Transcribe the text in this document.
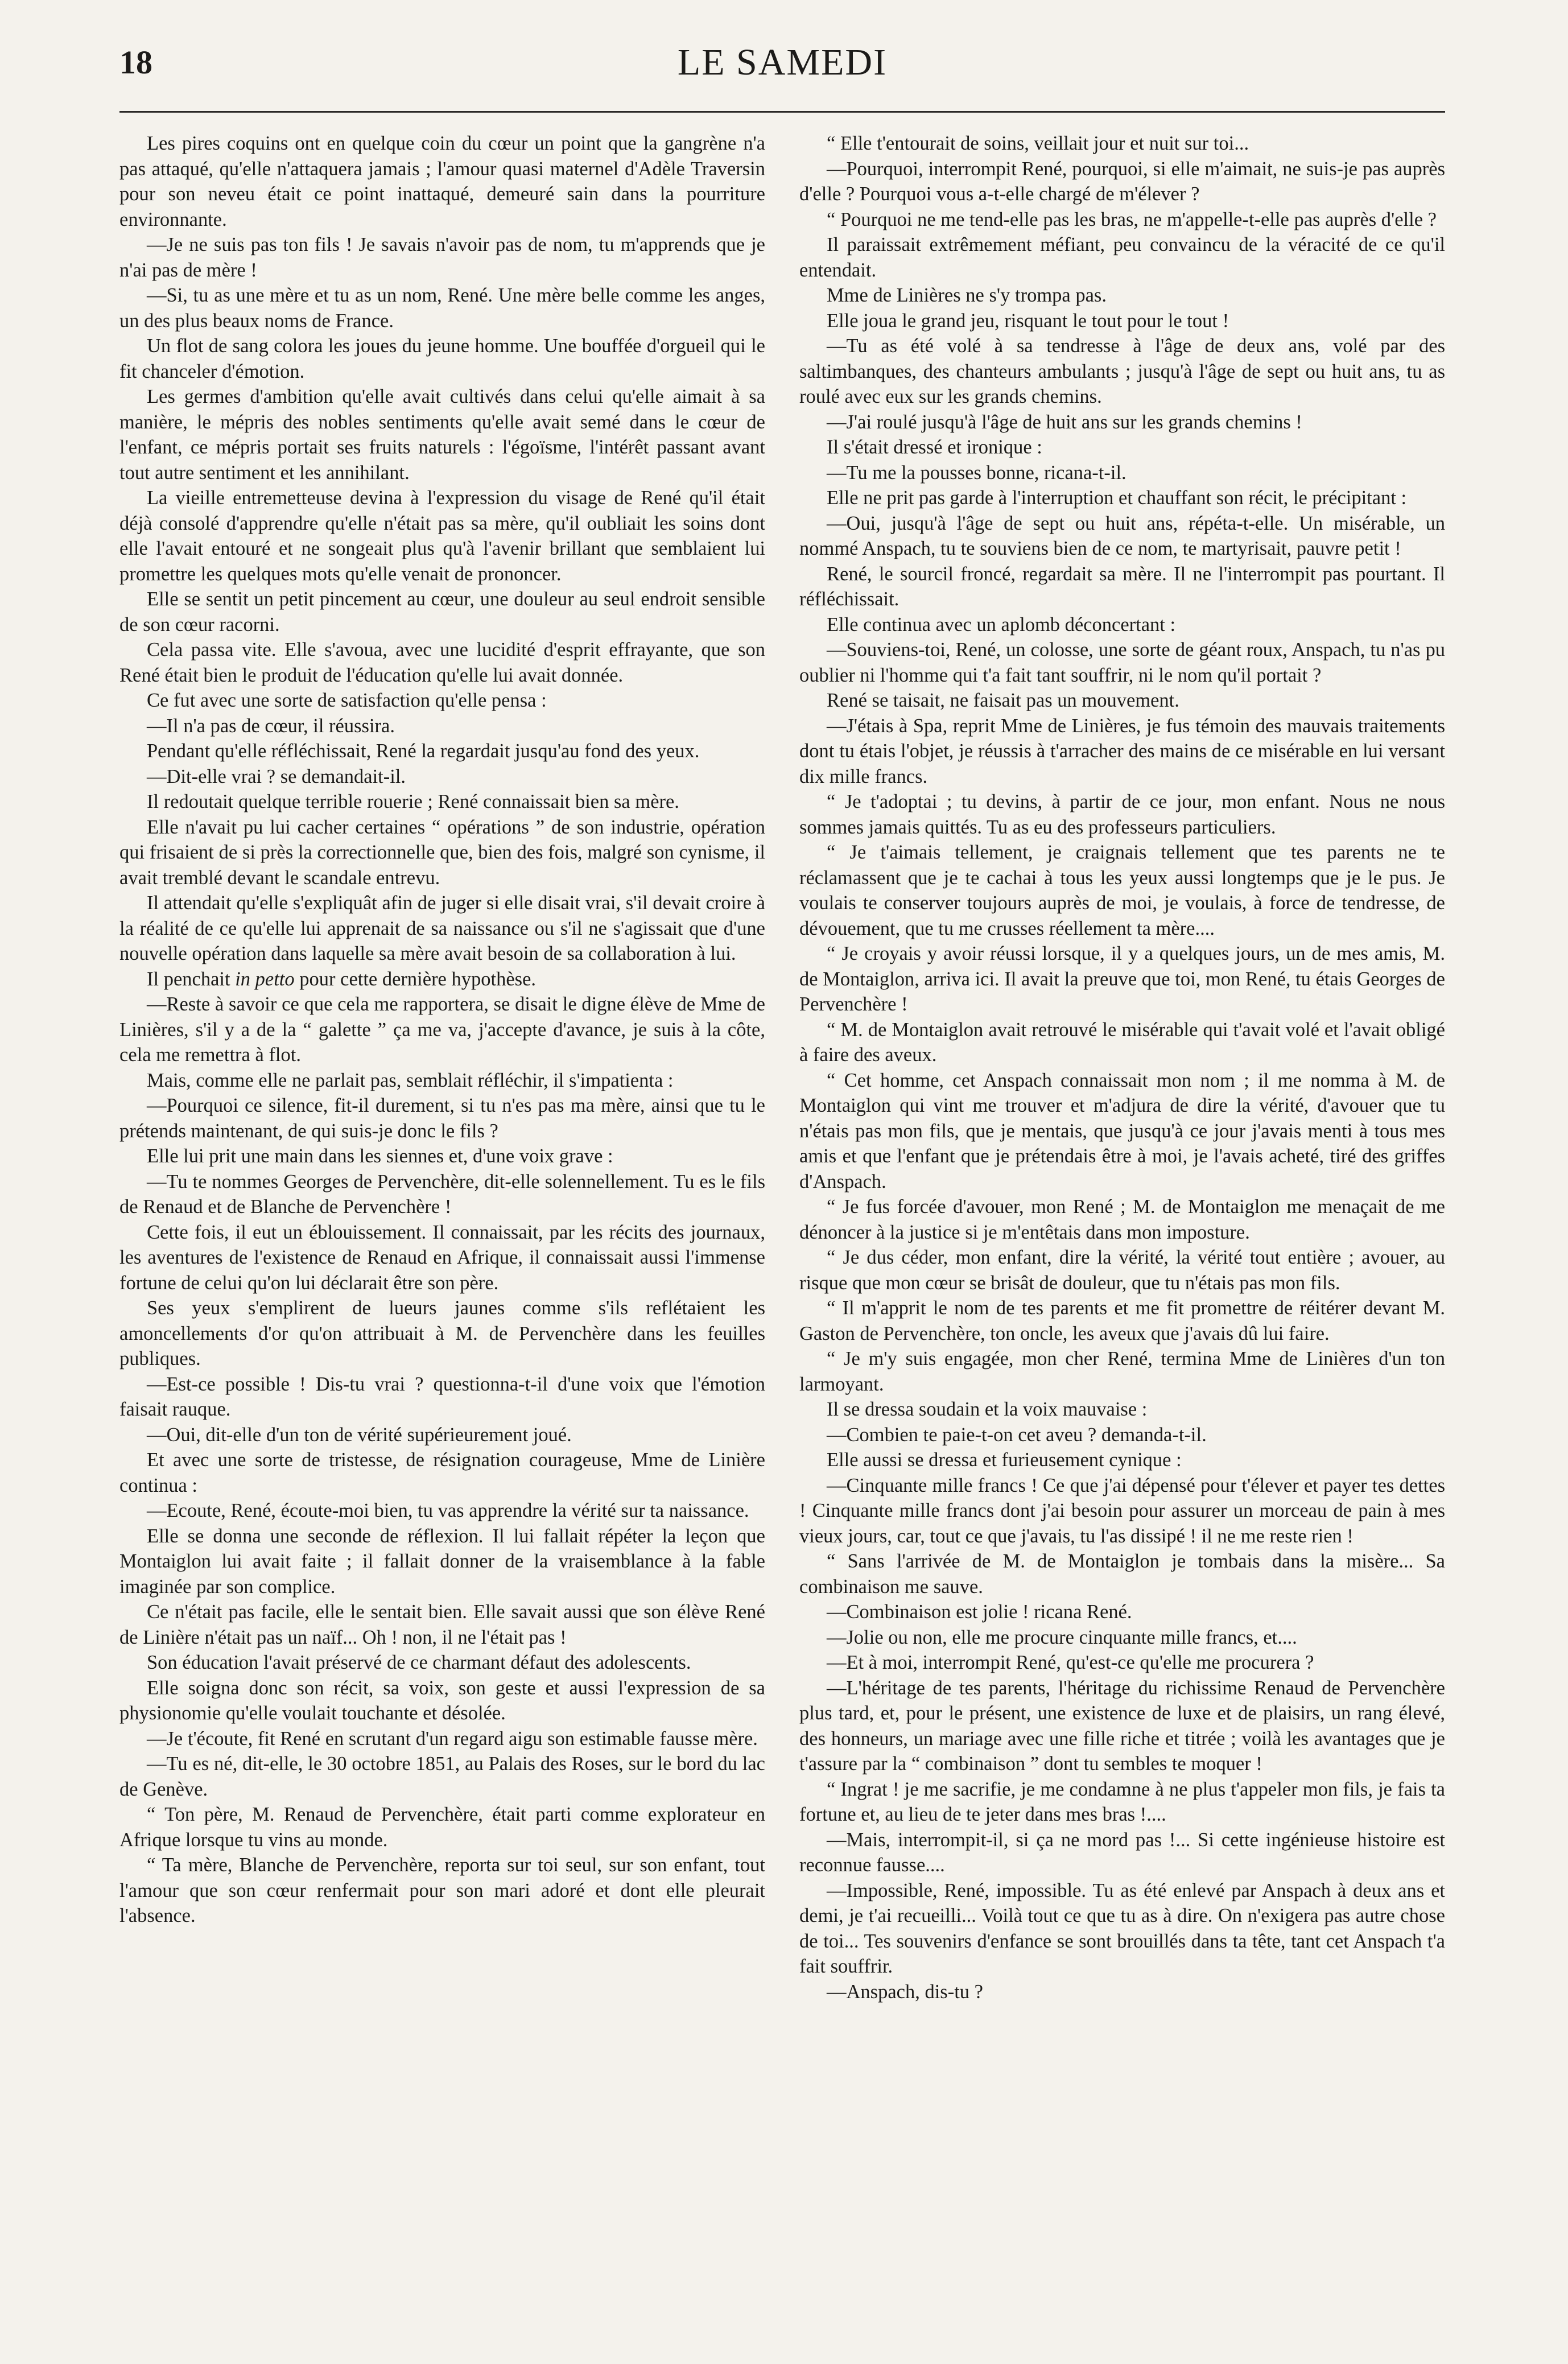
18	LE SAMEDI

Les pires coquins ont en quelque coin du cœur un point que la gangrène n'a pas attaqué, qu'elle n'attaquera jamais ; l'amour quasi maternel d'Adèle Traversin pour son neveu était ce point inattaqué, demeuré sain dans la pourriture environnante.

—Je ne suis pas ton fils ! Je savais n'avoir pas de nom, tu m'apprends que je n'ai pas de mère !

—Si, tu as une mère et tu as un nom, René. Une mère belle comme les anges, un des plus beaux noms de France.

Un flot de sang colora les joues du jeune homme. Une bouffée d'orgueil qui le fit chanceler d'émotion.

Les germes d'ambition qu'elle avait cultivés dans celui qu'elle aimait à sa manière, le mépris des nobles sentiments qu'elle avait semé dans le cœur de l'enfant, ce mépris portait ses fruits naturels : l'égoïsme, l'intérêt passant avant tout autre sentiment et les annihilant.

La vieille entremetteuse devina à l'expression du visage de René qu'il était déjà consolé d'apprendre qu'elle n'était pas sa mère, qu'il oubliait les soins dont elle l'avait entouré et ne songeait plus qu'à l'avenir brillant que semblaient lui promettre les quelques mots qu'elle venait de prononcer.

Elle se sentit un petit pincement au cœur, une douleur au seul endroit sensible de son cœur racorni.

Cela passa vite. Elle s'avoua, avec une lucidité d'esprit effrayante, que son René était bien le produit de l'éducation qu'elle lui avait donnée.

Ce fut avec une sorte de satisfaction qu'elle pensa :

—Il n'a pas de cœur, il réussira.

Pendant qu'elle réfléchissait, René la regardait jusqu'au fond des yeux.

—Dit-elle vrai ? se demandait-il.

Il redoutait quelque terrible rouerie ; René connaissait bien sa mère.

Elle n'avait pu lui cacher certaines “ opérations ” de son industrie, opération qui frisaient de si près la correctionnelle que, bien des fois, malgré son cynisme, il avait tremblé devant le scandale entrevu.

Il attendait qu'elle s'expliquât afin de juger si elle disait vrai, s'il devait croire à la réalité de ce qu'elle lui apprenait de sa naissance ou s'il ne s'agissait que d'une nouvelle opération dans laquelle sa mère avait besoin de sa collaboration à lui.

Il penchait in petto pour cette dernière hypothèse.

—Reste à savoir ce que cela me rapportera, se disait le digne élève de Mme de Linières, s'il y a de la “ galette ” ça me va, j'accepte d'avance, je suis à la côte, cela me remettra à flot.

Mais, comme elle ne parlait pas, semblait réfléchir, il s'impatienta :

—Pourquoi ce silence, fit-il durement, si tu n'es pas ma mère, ainsi que tu le prétends maintenant, de qui suis-je donc le fils ?

Elle lui prit une main dans les siennes et, d'une voix grave :

—Tu te nommes Georges de Pervenchère, dit-elle solennellement. Tu es le fils de Renaud et de Blanche de Pervenchère !

Cette fois, il eut un éblouissement. Il connaissait, par les récits des journaux, les aventures de l'existence de Renaud en Afrique, il connaissait aussi l'immense fortune de celui qu'on lui déclarait être son père.

Ses yeux s'emplirent de lueurs jaunes comme s'ils reflétaient les amoncellements d'or qu'on attribuait à M. de Pervenchère dans les feuilles publiques.

—Est-ce possible ! Dis-tu vrai ? questionna-t-il d'une voix que l'émotion faisait rauque.

—Oui, dit-elle d'un ton de vérité supérieurement joué.

Et avec une sorte de tristesse, de résignation courageuse, Mme de Linière continua :

—Ecoute, René, écoute-moi bien, tu vas apprendre la vérité sur ta naissance.

Elle se donna une seconde de réflexion. Il lui fallait répéter la leçon que Montaiglon lui avait faite ; il fallait donner de la vraisemblance à la fable imaginée par son complice.

Ce n'était pas facile, elle le sentait bien. Elle savait aussi que son élève René de Linière n'était pas un naïf... Oh ! non, il ne l'était pas !

Son éducation l'avait préservé de ce charmant défaut des adolescents.

Elle soigna donc son récit, sa voix, son geste et aussi l'expression de sa physionomie qu'elle voulait touchante et désolée.

—Je t'écoute, fit René en scrutant d'un regard aigu son estimable fausse mère.

—Tu es né, dit-elle, le 30 octobre 1851, au Palais des Roses, sur le bord du lac de Genève.

“ Ton père, M. Renaud de Pervenchère, était parti comme explorateur en Afrique lorsque tu vins au monde.

“ Ta mère, Blanche de Pervenchère, reporta sur toi seul, sur son enfant, tout l'amour que son cœur renfermait pour son mari adoré et dont elle pleurait l'absence.

“ Elle t'entourait de soins, veillait jour et nuit sur toi...

—Pourquoi, interrompit René, pourquoi, si elle m'aimait, ne suis-je pas auprès d'elle ? Pourquoi vous a-t-elle chargé de m'élever ?

“ Pourquoi ne me tend-elle pas les bras, ne m'appelle-t-elle pas auprès d'elle ?

Il paraissait extrêmement méfiant, peu convaincu de la véracité de ce qu'il entendait.

Mme de Linières ne s'y trompa pas.

Elle joua le grand jeu, risquant le tout pour le tout !

—Tu as été volé à sa tendresse à l'âge de deux ans, volé par des saltimbanques, des chanteurs ambulants ; jusqu'à l'âge de sept ou huit ans, tu as roulé avec eux sur les grands chemins.

—J'ai roulé jusqu'à l'âge de huit ans sur les grands chemins !

Il s'était dressé et ironique :

—Tu me la pousses bonne, ricana-t-il.

Elle ne prit pas garde à l'interruption et chauffant son récit, le précipitant :

—Oui, jusqu'à l'âge de sept ou huit ans, répéta-t-elle. Un misérable, un nommé Anspach, tu te souviens bien de ce nom, te martyrisait, pauvre petit !

René, le sourcil froncé, regardait sa mère. Il ne l'interrompit pas pourtant. Il réfléchissait.

Elle continua avec un aplomb déconcertant :

—Souviens-toi, René, un colosse, une sorte de géant roux, Anspach, tu n'as pu oublier ni l'homme qui t'a fait tant souffrir, ni le nom qu'il portait ?

René se taisait, ne faisait pas un mouvement.

—J'étais à Spa, reprit Mme de Linières, je fus témoin des mauvais traitements dont tu étais l'objet, je réussis à t'arracher des mains de ce misérable en lui versant dix mille francs.

“ Je t'adoptai ; tu devins, à partir de ce jour, mon enfant. Nous ne nous sommes jamais quittés. Tu as eu des professeurs particuliers.

“ Je t'aimais tellement, je craignais tellement que tes parents ne te réclamassent que je te cachai à tous les yeux aussi longtemps que je le pus. Je voulais te conserver toujours auprès de moi, je voulais, à force de tendresse, de dévouement, que tu me crusses réellement ta mère....

“ Je croyais y avoir réussi lorsque, il y a quelques jours, un de mes amis, M. de Montaiglon, arriva ici. Il avait la preuve que toi, mon René, tu étais Georges de Pervenchère !

“ M. de Montaiglon avait retrouvé le misérable qui t'avait volé et l'avait obligé à faire des aveux.

“ Cet homme, cet Anspach connaissait mon nom ; il me nomma à M. de Montaiglon qui vint me trouver et m'adjura de dire la vérité, d'avouer que tu n'étais pas mon fils, que je mentais, que jusqu'à ce jour j'avais menti à tous mes amis et que l'enfant que je prétendais être à moi, je l'avais acheté, tiré des griffes d'Anspach.

“ Je fus forcée d'avouer, mon René ; M. de Montaiglon me menaçait de me dénoncer à la justice si je m'entêtais dans mon imposture.

“ Je dus céder, mon enfant, dire la vérité, la vérité tout entière ; avouer, au risque que mon cœur se brisât de douleur, que tu n'étais pas mon fils.

“ Il m'apprit le nom de tes parents et me fit promettre de réitérer devant M. Gaston de Pervenchère, ton oncle, les aveux que j'avais dû lui faire.

“ Je m'y suis engagée, mon cher René, termina Mme de Linières d'un ton larmoyant.

Il se dressa soudain et la voix mauvaise :

—Combien te paie-t-on cet aveu ? demanda-t-il.

Elle aussi se dressa et furieusement cynique :

—Cinquante mille francs ! Ce que j'ai dépensé pour t'élever et payer tes dettes ! Cinquante mille francs dont j'ai besoin pour assurer un morceau de pain à mes vieux jours, car, tout ce que j'avais, tu l'as dissipé ! il ne me reste rien !

“ Sans l'arrivée de M. de Montaiglon je tombais dans la misère... Sa combinaison me sauve.

—Combinaison est jolie ! ricana René.

—Jolie ou non, elle me procure cinquante mille francs, et....

—Et à moi, interrompit René, qu'est-ce qu'elle me procurera ?

—L'héritage de tes parents, l'héritage du richissime Renaud de Pervenchère plus tard, et, pour le présent, une existence de luxe et de plaisirs, un rang élevé, des honneurs, un mariage avec une fille riche et titrée ; voilà les avantages que je t'assure par la “ combinaison ” dont tu sembles te moquer !

“ Ingrat ! je me sacrifie, je me condamne à ne plus t'appeler mon fils, je fais ta fortune et, au lieu de te jeter dans mes bras !....

—Mais, interrompit-il, si ça ne mord pas !... Si cette ingénieuse histoire est reconnue fausse....

—Impossible, René, impossible. Tu as été enlevé par Anspach à deux ans et demi, je t'ai recueilli... Voilà tout ce que tu as à dire. On n'exigera pas autre chose de toi... Tes souvenirs d'enfance se sont brouillés dans ta tête, tant cet Anspach t'a fait souffrir.

—Anspach, dis-tu ?
